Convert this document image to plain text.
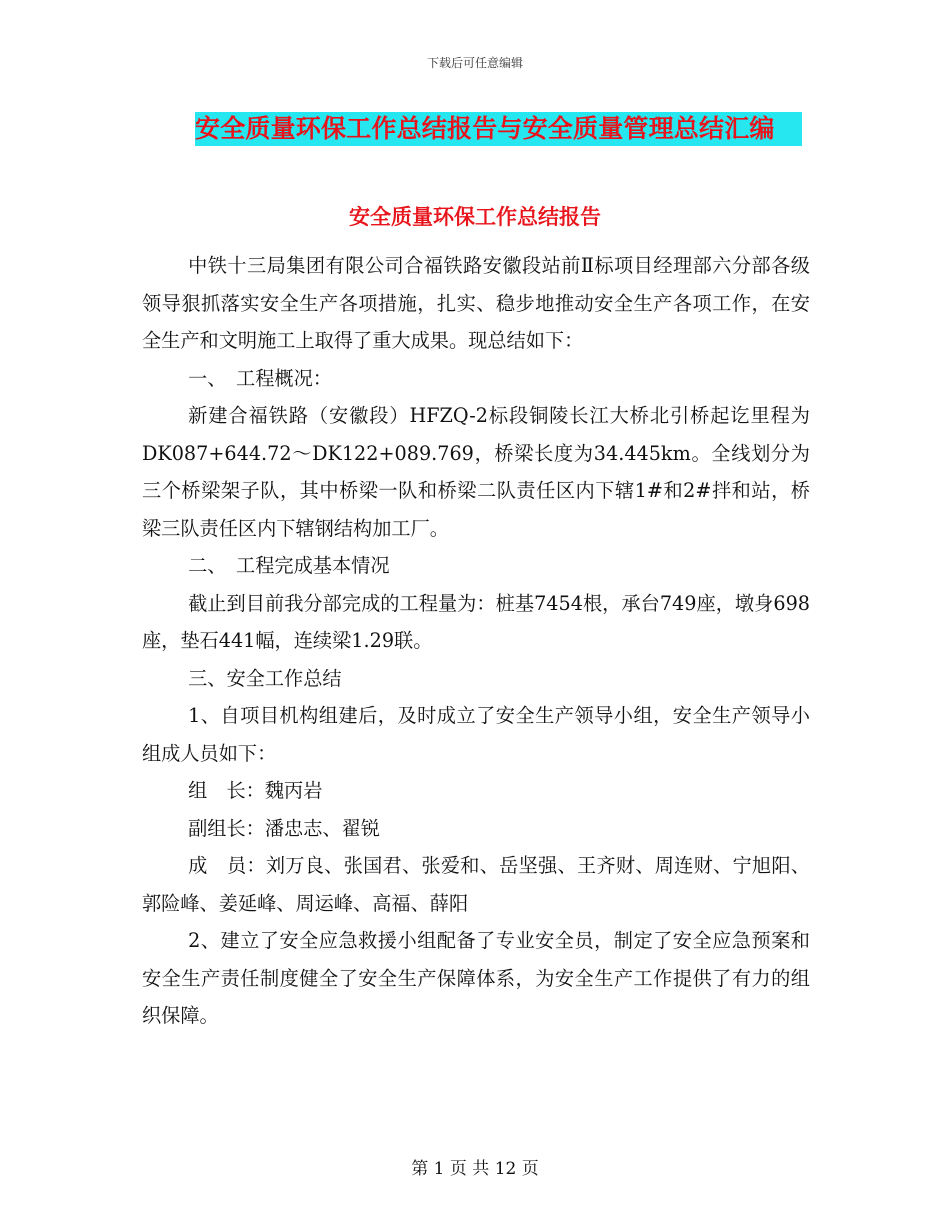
下载后可任意编辑
安全质量环保工作总结报告与安全质量管理总结汇编
安全质量环保工作总结报告

中铁十三局集团有限公司合福铁路安徽段站前Ⅱ标项目经理部六分部各级领导狠抓落实安全生产各项措施，扎实、稳步地推动安全生产各项工作，在安全生产和文明施工上取得了重大成果。现总结如下：

一、　工程概况：

新建合福铁路（安徽段）HFZQ-2标段铜陵长江大桥北引桥起讫里程为DK087+644.72～DK122+089.769，桥梁长度为34.445km。全线划分为三个桥梁架子队，其中桥梁一队和桥梁二队责任区内下辖1#和2#拌和站，桥梁三队责任区内下辖钢结构加工厂。

二、　工程完成基本情况

截止到目前我分部完成的工程量为：桩基7454根，承台749座，墩身698座，垫石441幅，连续梁1.29联。

三、安全工作总结

1、自项目机构组建后，及时成立了安全生产领导小组，安全生产领导小组成人员如下：

组　长：魏丙岩

副组长：潘忠志、翟锐

成　员：刘万良、张国君、张爱和、岳坚强、王齐财、周连财、宁旭阳、郭险峰、姜延峰、周运峰、高福、薛阳

2、建立了安全应急救援小组配备了专业安全员，制定了安全应急预案和安全生产责任制度健全了安全生产保障体系，为安全生产工作提供了有力的组织保障。

第 1 页 共 12 页
